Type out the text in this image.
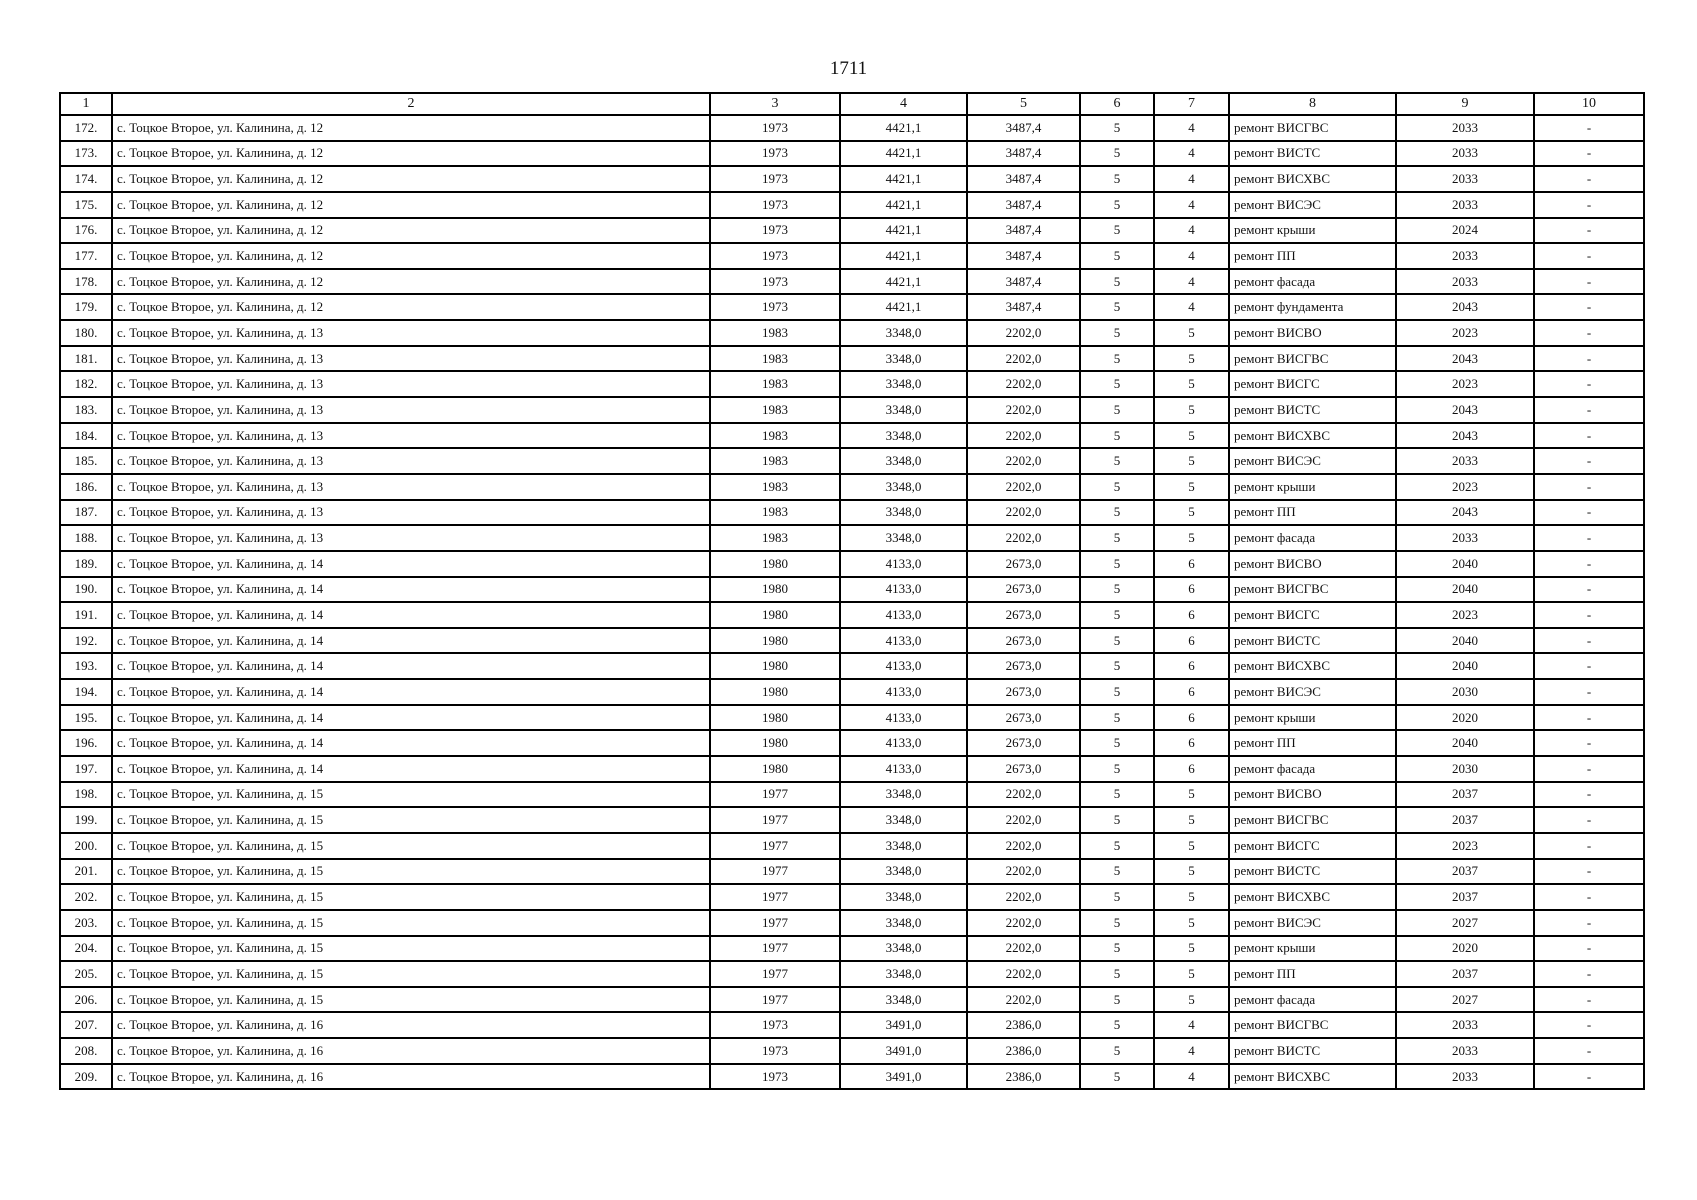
1711
1	2	3	4	5	6	7	8	9	10
172.	с. Тоцкое Второе, ул. Калинина, д. 12	1973	4421,1	3487,4	5	4	ремонт ВИСГВС	2033	-
173.	с. Тоцкое Второе, ул. Калинина, д. 12	1973	4421,1	3487,4	5	4	ремонт ВИСТС	2033	-
174.	с. Тоцкое Второе, ул. Калинина, д. 12	1973	4421,1	3487,4	5	4	ремонт ВИСХВС	2033	-
175.	с. Тоцкое Второе, ул. Калинина, д. 12	1973	4421,1	3487,4	5	4	ремонт ВИСЭС	2033	-
176.	с. Тоцкое Второе, ул. Калинина, д. 12	1973	4421,1	3487,4	5	4	ремонт крыши	2024	-
177.	с. Тоцкое Второе, ул. Калинина, д. 12	1973	4421,1	3487,4	5	4	ремонт ПП	2033	-
178.	с. Тоцкое Второе, ул. Калинина, д. 12	1973	4421,1	3487,4	5	4	ремонт фасада	2033	-
179.	с. Тоцкое Второе, ул. Калинина, д. 12	1973	4421,1	3487,4	5	4	ремонт фундамента	2043	-
180.	с. Тоцкое Второе, ул. Калинина, д. 13	1983	3348,0	2202,0	5	5	ремонт ВИСВО	2023	-
181.	с. Тоцкое Второе, ул. Калинина, д. 13	1983	3348,0	2202,0	5	5	ремонт ВИСГВС	2043	-
182.	с. Тоцкое Второе, ул. Калинина, д. 13	1983	3348,0	2202,0	5	5	ремонт ВИСГС	2023	-
183.	с. Тоцкое Второе, ул. Калинина, д. 13	1983	3348,0	2202,0	5	5	ремонт ВИСТС	2043	-
184.	с. Тоцкое Второе, ул. Калинина, д. 13	1983	3348,0	2202,0	5	5	ремонт ВИСХВС	2043	-
185.	с. Тоцкое Второе, ул. Калинина, д. 13	1983	3348,0	2202,0	5	5	ремонт ВИСЭС	2033	-
186.	с. Тоцкое Второе, ул. Калинина, д. 13	1983	3348,0	2202,0	5	5	ремонт крыши	2023	-
187.	с. Тоцкое Второе, ул. Калинина, д. 13	1983	3348,0	2202,0	5	5	ремонт ПП	2043	-
188.	с. Тоцкое Второе, ул. Калинина, д. 13	1983	3348,0	2202,0	5	5	ремонт фасада	2033	-
189.	с. Тоцкое Второе, ул. Калинина, д. 14	1980	4133,0	2673,0	5	6	ремонт ВИСВО	2040	-
190.	с. Тоцкое Второе, ул. Калинина, д. 14	1980	4133,0	2673,0	5	6	ремонт ВИСГВС	2040	-
191.	с. Тоцкое Второе, ул. Калинина, д. 14	1980	4133,0	2673,0	5	6	ремонт ВИСГС	2023	-
192.	с. Тоцкое Второе, ул. Калинина, д. 14	1980	4133,0	2673,0	5	6	ремонт ВИСТС	2040	-
193.	с. Тоцкое Второе, ул. Калинина, д. 14	1980	4133,0	2673,0	5	6	ремонт ВИСХВС	2040	-
194.	с. Тоцкое Второе, ул. Калинина, д. 14	1980	4133,0	2673,0	5	6	ремонт ВИСЭС	2030	-
195.	с. Тоцкое Второе, ул. Калинина, д. 14	1980	4133,0	2673,0	5	6	ремонт крыши	2020	-
196.	с. Тоцкое Второе, ул. Калинина, д. 14	1980	4133,0	2673,0	5	6	ремонт ПП	2040	-
197.	с. Тоцкое Второе, ул. Калинина, д. 14	1980	4133,0	2673,0	5	6	ремонт фасада	2030	-
198.	с. Тоцкое Второе, ул. Калинина, д. 15	1977	3348,0	2202,0	5	5	ремонт ВИСВО	2037	-
199.	с. Тоцкое Второе, ул. Калинина, д. 15	1977	3348,0	2202,0	5	5	ремонт ВИСГВС	2037	-
200.	с. Тоцкое Второе, ул. Калинина, д. 15	1977	3348,0	2202,0	5	5	ремонт ВИСГС	2023	-
201.	с. Тоцкое Второе, ул. Калинина, д. 15	1977	3348,0	2202,0	5	5	ремонт ВИСТС	2037	-
202.	с. Тоцкое Второе, ул. Калинина, д. 15	1977	3348,0	2202,0	5	5	ремонт ВИСХВС	2037	-
203.	с. Тоцкое Второе, ул. Калинина, д. 15	1977	3348,0	2202,0	5	5	ремонт ВИСЭС	2027	-
204.	с. Тоцкое Второе, ул. Калинина, д. 15	1977	3348,0	2202,0	5	5	ремонт крыши	2020	-
205.	с. Тоцкое Второе, ул. Калинина, д. 15	1977	3348,0	2202,0	5	5	ремонт ПП	2037	-
206.	с. Тоцкое Второе, ул. Калинина, д. 15	1977	3348,0	2202,0	5	5	ремонт фасада	2027	-
207.	с. Тоцкое Второе, ул. Калинина, д. 16	1973	3491,0	2386,0	5	4	ремонт ВИСГВС	2033	-
208.	с. Тоцкое Второе, ул. Калинина, д. 16	1973	3491,0	2386,0	5	4	ремонт ВИСТС	2033	-
209.	с. Тоцкое Второе, ул. Калинина, д. 16	1973	3491,0	2386,0	5	4	ремонт ВИСХВС	2033	-
